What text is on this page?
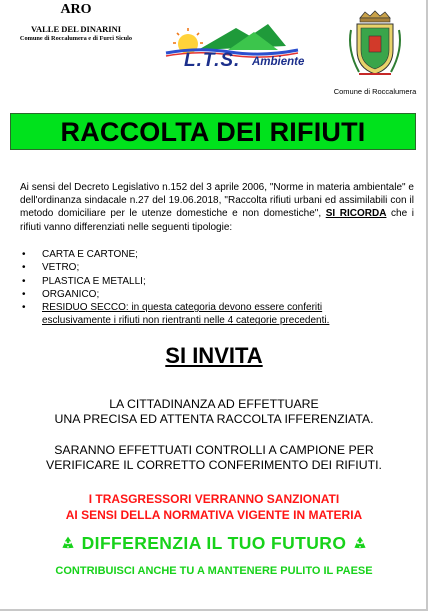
ARO
VALLE DEL DINARINI
Comune di Roccalumera e di Furci Siculo
L.T.S. Ambiente
Comune di Roccalumera
RACCOLTA DEI RIFIUTI
Ai sensi del Decreto Legislativo n.152 del 3 aprile 2006, "Norme in materia ambientale" e dell'ordinanza sindacale n.27 del 19.06.2018, "Raccolta rifiuti urbani ed assimilabili con il metodo domiciliare per le utenze domestiche e non domestiche", SI RICORDA che i rifiuti vanno differenziati nelle seguenti tipologie:
• CARTA E CARTONE;
• VETRO;
• PLASTICA E METALLI;
• ORGANICO;
• RESIDUO SECCO: in questa categoria devono essere conferiti
esclusivamente i rifiuti non rientranti nelle 4 categorie precedenti.
SI INVITA
LA CITTADINANZA AD EFFETTUARE
UNA PRECISA ED ATTENTA RACCOLTA IFFERENZIATA.
SARANNO EFFETTUATI CONTROLLI A CAMPIONE PER
VERIFICARE IL CORRETTO CONFERIMENTO DEI RIFIUTI.
I TRASGRESSORI VERRANNO SANZIONATI
AI SENSI DELLA NORMATIVA VIGENTE IN MATERIA
DIFFERENZIA IL TUO FUTURO
CONTRIBUISCI ANCHE TU A MANTENERE PULITO IL PAESE
